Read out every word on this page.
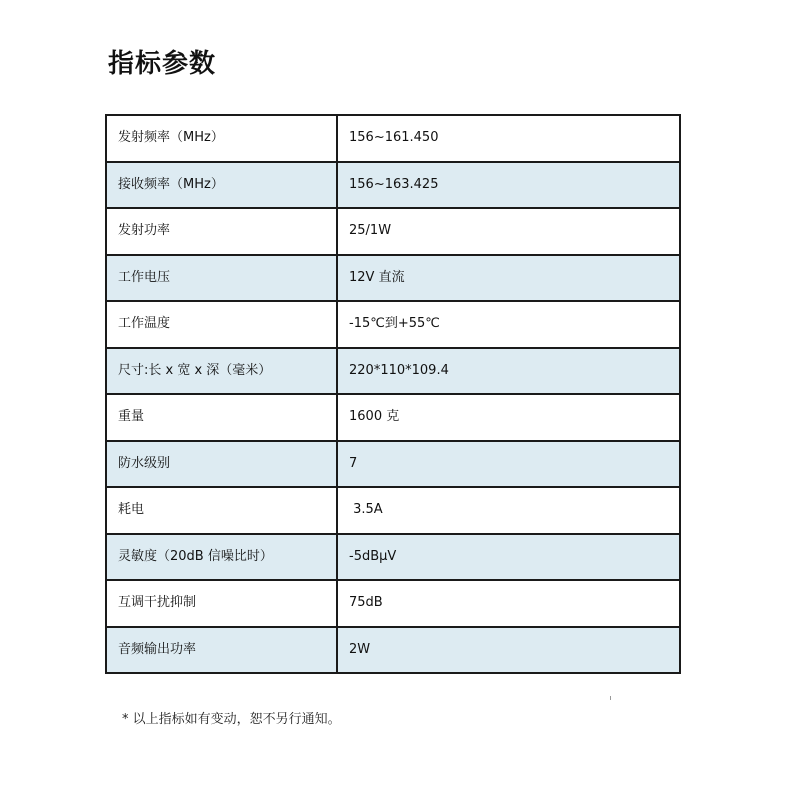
指标参数
发射频率（MHz）	156~161.450
接收频率（MHz）	156~163.425
发射功率	25/1W
工作电压	12V 直流
工作温度	-15℃到+55℃
尺寸:长 x 宽 x 深（毫米）	220*110*109.4
重量	1600 克
防水级别	7
耗电	3.5A
灵敏度（20dB 信噪比时）	-5dBμV
互调干扰抑制	75dB
音频输出功率	2W
* 以上指标如有变动，恕不另行通知。
